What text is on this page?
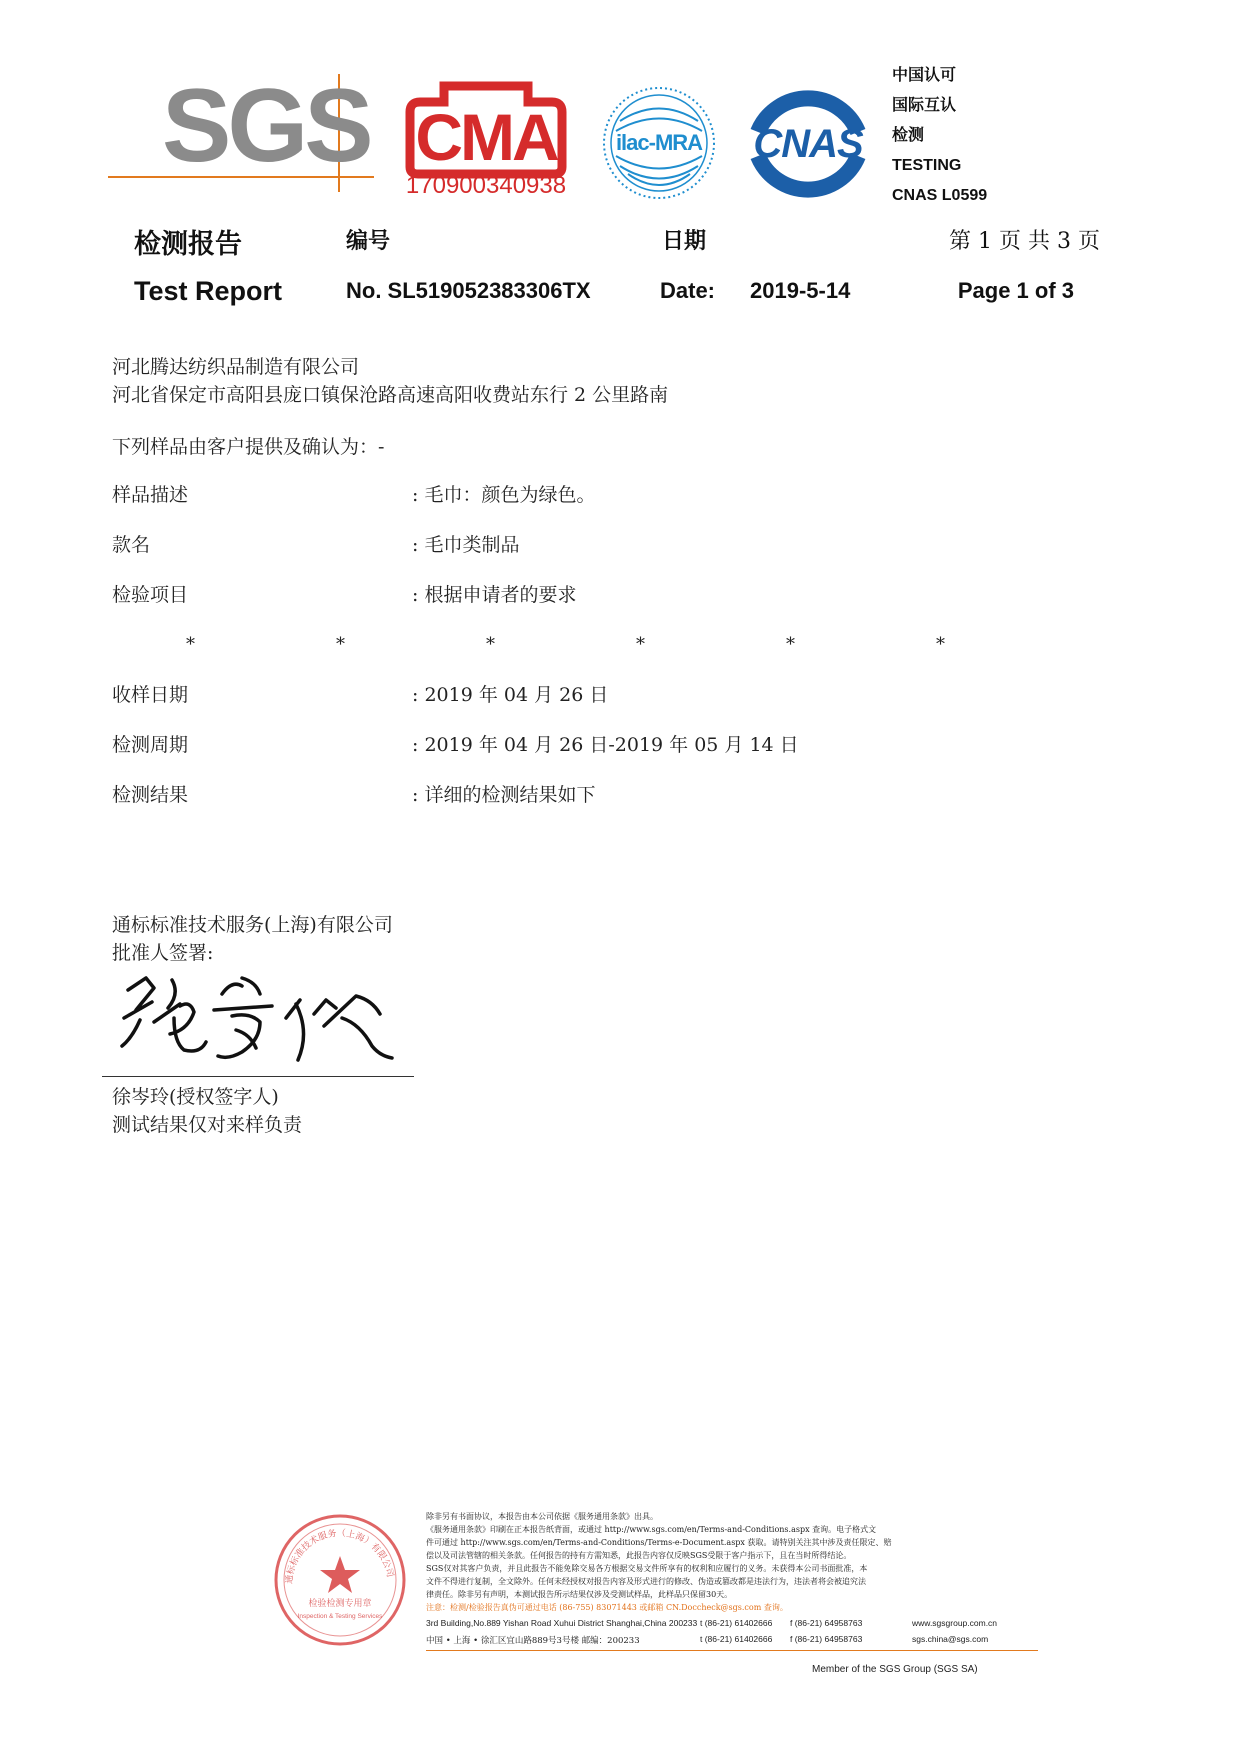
SGS CMA
170900340938
ilac-MRA CNAS
中国认可
国际互认
检测
TESTING
CNAS L0599
检测报告	编号	日期	第 1 页 共 3 页
Test Report	No. SL519052383306TX	Date: 2019-5-14	Page 1 of 3
河北腾达纺织品制造有限公司
河北省保定市高阳县庞口镇保沧路高速高阳收费站东行 2 公里路南
下列样品由客户提供及确认为：-
样品描述	: 毛巾：颜色为绿色。
款名	: 毛巾类制品
检验项目	: 根据申请者的要求
*	*	*	*	*	*
收样日期	: 2019 年 04 月 26 日
检测周期	: 2019 年 04 月 26 日-2019 年 05 月 14 日
检测结果	: 详细的检测结果如下
通标标准技术服务(上海)有限公司
批准人签署:
徐岑玲(授权签字人)
测试结果仅对来样负责
通标标准技术服务（上海）有限公司
检验检测专用章
Inspection & Testing Services
除非另有书面协议，本报告由本公司依据《服务通用条款》出具。
《服务通用条款》印刷在正本报告纸背面，或通过 http://www.sgs.com/en/Terms-and-Conditions.aspx 查询。电子格式文
件可通过 http://www.sgs.com/en/Terms-and-Conditions/Terms-e-Document.aspx 获取。请特别关注其中涉及责任限定、赔
偿以及司法管辖的相关条款。任何报告的持有方需知悉，此报告内容仅反映SGS受限于客户指示下，且在当时所得结论。
SGS仅对其客户负责，并且此报告不能免除交易各方根据交易文件所享有的权利和应履行的义务。未获得本公司书面批准，本
文件不得进行复制，全文除外。任何未经授权对报告内容及形式进行的修改、伪造或篡改都是违法行为，违法者将会被追究法
律责任。除非另有声明，本测试报告所示结果仅涉及受测试样品，此样品只保留30天。
注意：检测/检验报告真伪可通过电话 (86-755) 83071443 或邮箱 CN.Doccheck@sgs.com 查询。
3rd Building,No.889 Yishan Road Xuhui District Shanghai,China 200233 t (86-21) 61402666 f (86-21) 64958763	www.sgsgroup.com.cn
中国 • 上海 • 徐汇区宜山路889号3号楼 邮编：200233	t (86-21) 61402666 f (86-21) 64958763	sgs.china@sgs.com
Member of the SGS Group (SGS SA)
